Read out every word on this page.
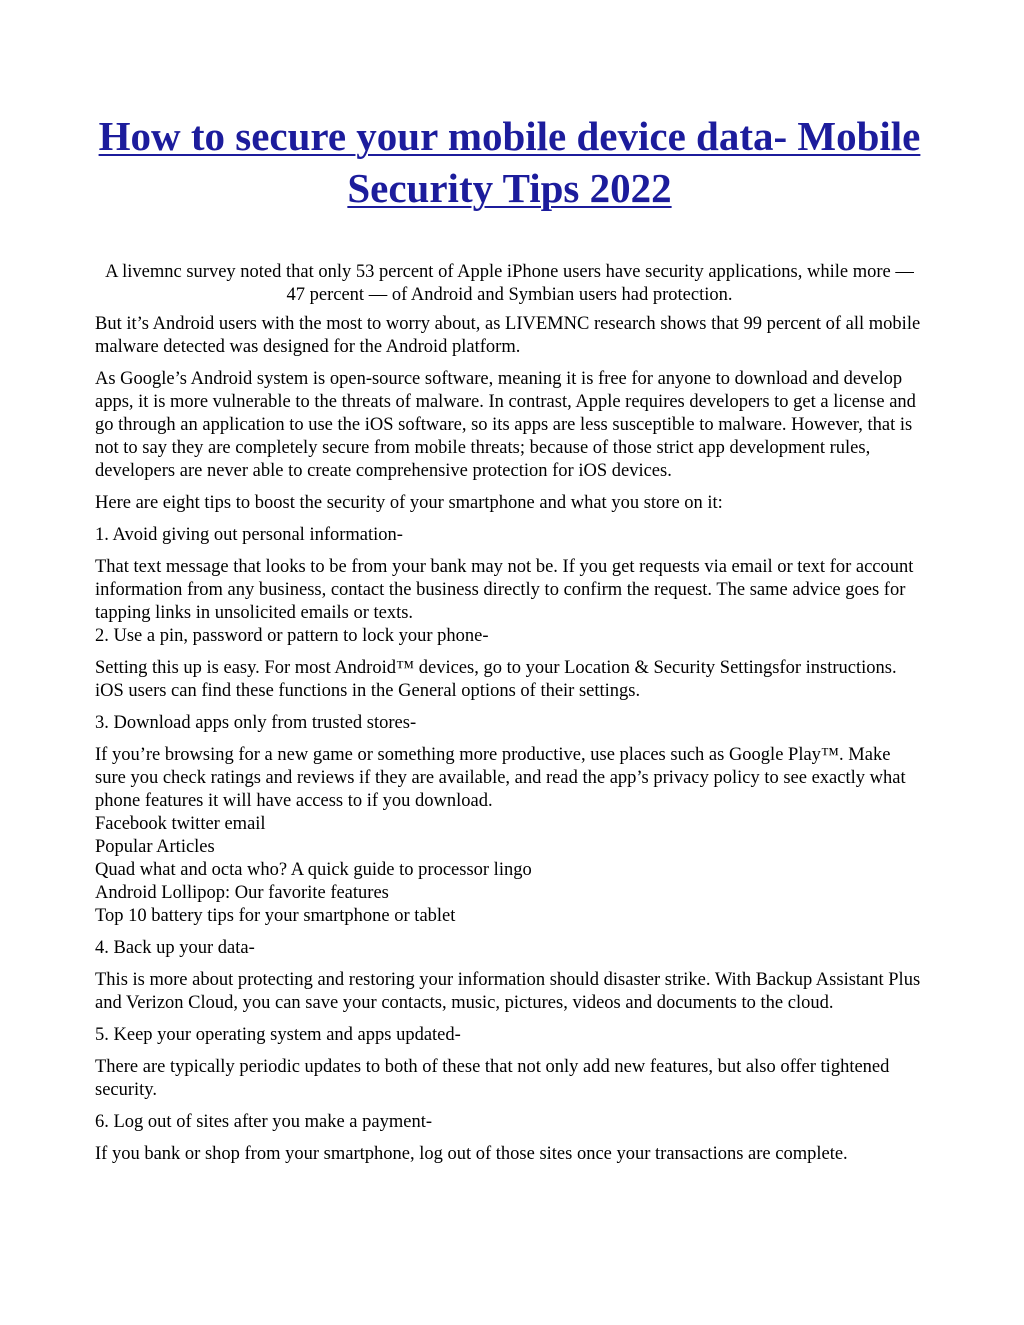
How to secure your mobile device data- Mobile Security Tips 2022

A livemnc survey noted that only 53 percent of Apple iPhone users have security applications, while more — 47 percent — of Android and Symbian users had protection.

But it’s Android users with the most to worry about, as LIVEMNC research shows that 99 percent of all mobile malware detected was designed for the Android platform.

As Google’s Android system is open-source software, meaning it is free for anyone to download and develop apps, it is more vulnerable to the threats of malware. In contrast, Apple requires developers to get a license and go through an application to use the iOS software, so its apps are less susceptible to malware. However, that is not to say they are completely secure from mobile threats; because of those strict app development rules, developers are never able to create comprehensive protection for iOS devices.

Here are eight tips to boost the security of your smartphone and what you store on it:

1. Avoid giving out personal information-

That text message that looks to be from your bank may not be. If you get requests via email or text for account information from any business, contact the business directly to confirm the request. The same advice goes for tapping links in unsolicited emails or texts.
2. Use a pin, password or pattern to lock your phone-

Setting this up is easy. For most Android™ devices, go to your Location & Security Settingsfor instructions. iOS users can find these functions in the General options of their settings.

3. Download apps only from trusted stores-

If you’re browsing for a new game or something more productive, use places such as Google Play™. Make sure you check ratings and reviews if they are available, and read the app’s privacy policy to see exactly what phone features it will have access to if you download.
Facebook twitter email
Popular Articles
Quad what and octa who? A quick guide to processor lingo
Android Lollipop: Our favorite features
Top 10 battery tips for your smartphone or tablet

4. Back up your data-

This is more about protecting and restoring your information should disaster strike. With Backup Assistant Plus and Verizon Cloud, you can save your contacts, music, pictures, videos and documents to the cloud.

5. Keep your operating system and apps updated-

There are typically periodic updates to both of these that not only add new features, but also offer tightened security.

6. Log out of sites after you make a payment-

If you bank or shop from your smartphone, log out of those sites once your transactions are complete.
